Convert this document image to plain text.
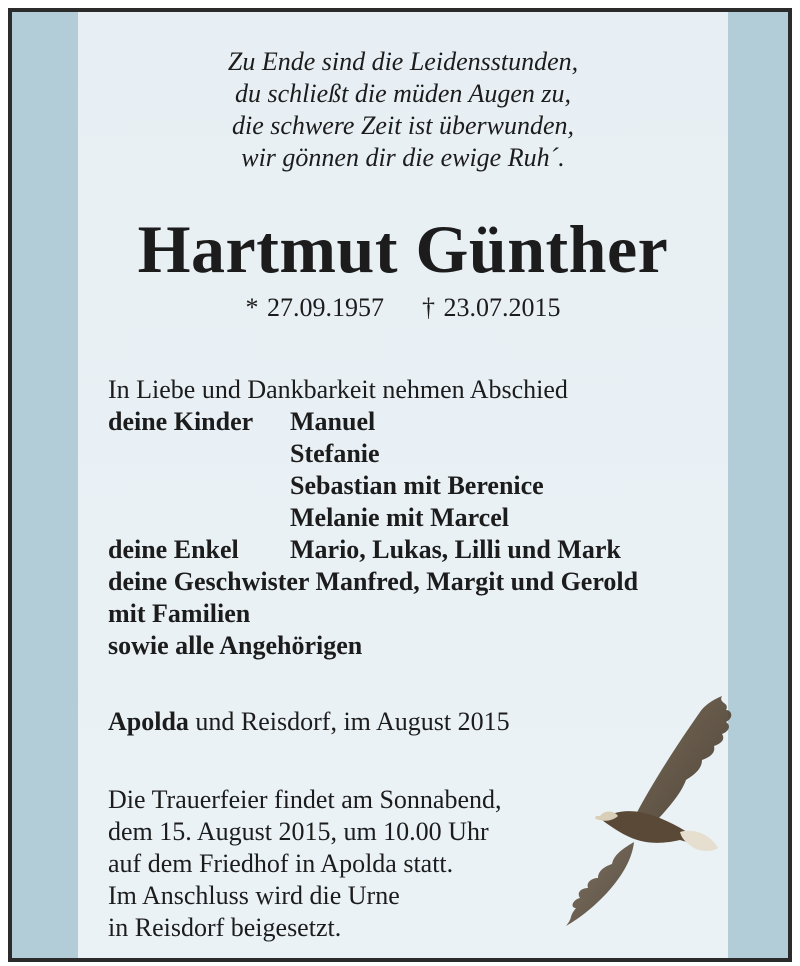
Zu Ende sind die Leidensstunden,
du schließt die müden Augen zu,
die schwere Zeit ist überwunden,
wir gönnen dir die ewige Ruh´.
Hartmut Günther
* 27.09.1957 † 23.07.2015
In Liebe und Dankbarkeit nehmen Abschied
deine Kinder Manuel
Stefanie
Sebastian mit Berenice
Melanie mit Marcel
deine Enkel Mario, Lukas, Lilli und Mark
deine Geschwister Manfred, Margit und Gerold
mit Familien
sowie alle Angehörigen
Apolda und Reisdorf, im August 2015
Die Trauerfeier findet am Sonnabend,
dem 15. August 2015, um 10.00 Uhr
auf dem Friedhof in Apolda statt.
Im Anschluss wird die Urne
in Reisdorf beigesetzt.
